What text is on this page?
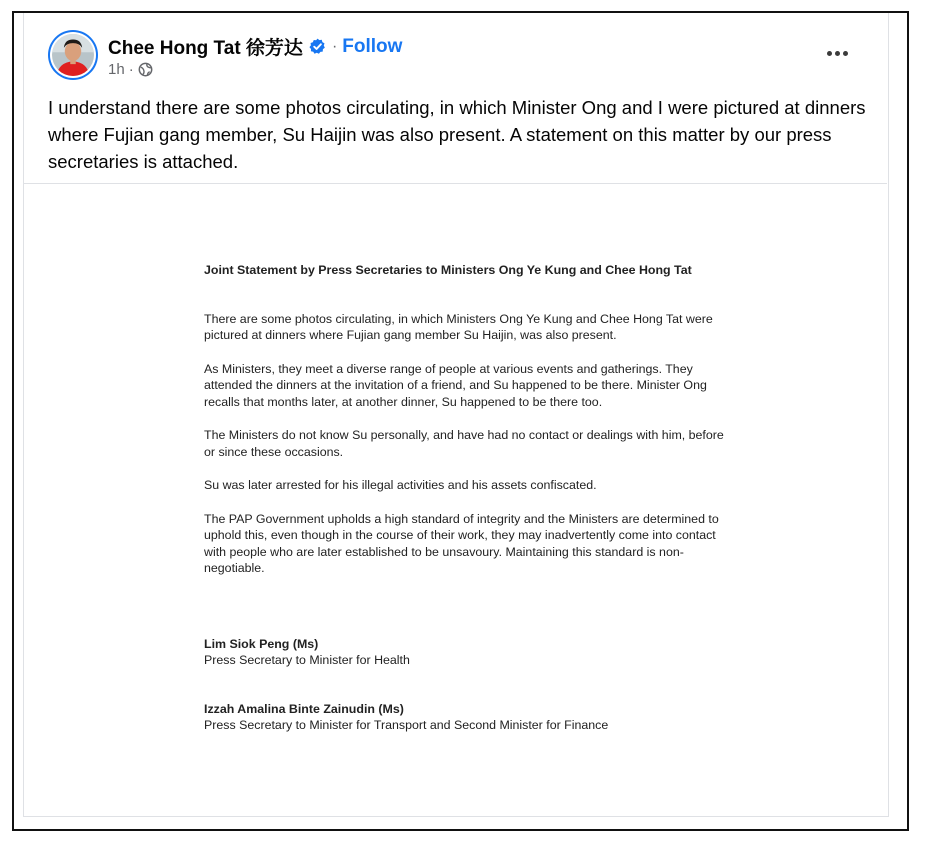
Chee Hong Tat 徐芳达 · Follow
1h ·
I understand there are some photos circulating, in which Minister Ong and I were pictured at dinners where Fujian gang member, Su Haijin was also present. A statement on this matter by our press secretaries is attached.

Joint Statement by Press Secretaries to Ministers Ong Ye Kung and Chee Hong Tat

There are some photos circulating, in which Ministers Ong Ye Kung and Chee Hong Tat were pictured at dinners where Fujian gang member Su Haijin, was also present.

As Ministers, they meet a diverse range of people at various events and gatherings. They attended the dinners at the invitation of a friend, and Su happened to be there. Minister Ong recalls that months later, at another dinner, Su happened to be there too.

The Ministers do not know Su personally, and have had no contact or dealings with him, before or since these occasions.

Su was later arrested for his illegal activities and his assets confiscated.

The PAP Government upholds a high standard of integrity and the Ministers are determined to uphold this, even though in the course of their work, they may inadvertently come into contact with people who are later established to be unsavoury. Maintaining this standard is non-negotiable.

Lim Siok Peng (Ms)

Press Secretary to Minister for Health

Izzah Amalina Binte Zainudin (Ms)

Press Secretary to Minister for Transport and Second Minister for Finance
